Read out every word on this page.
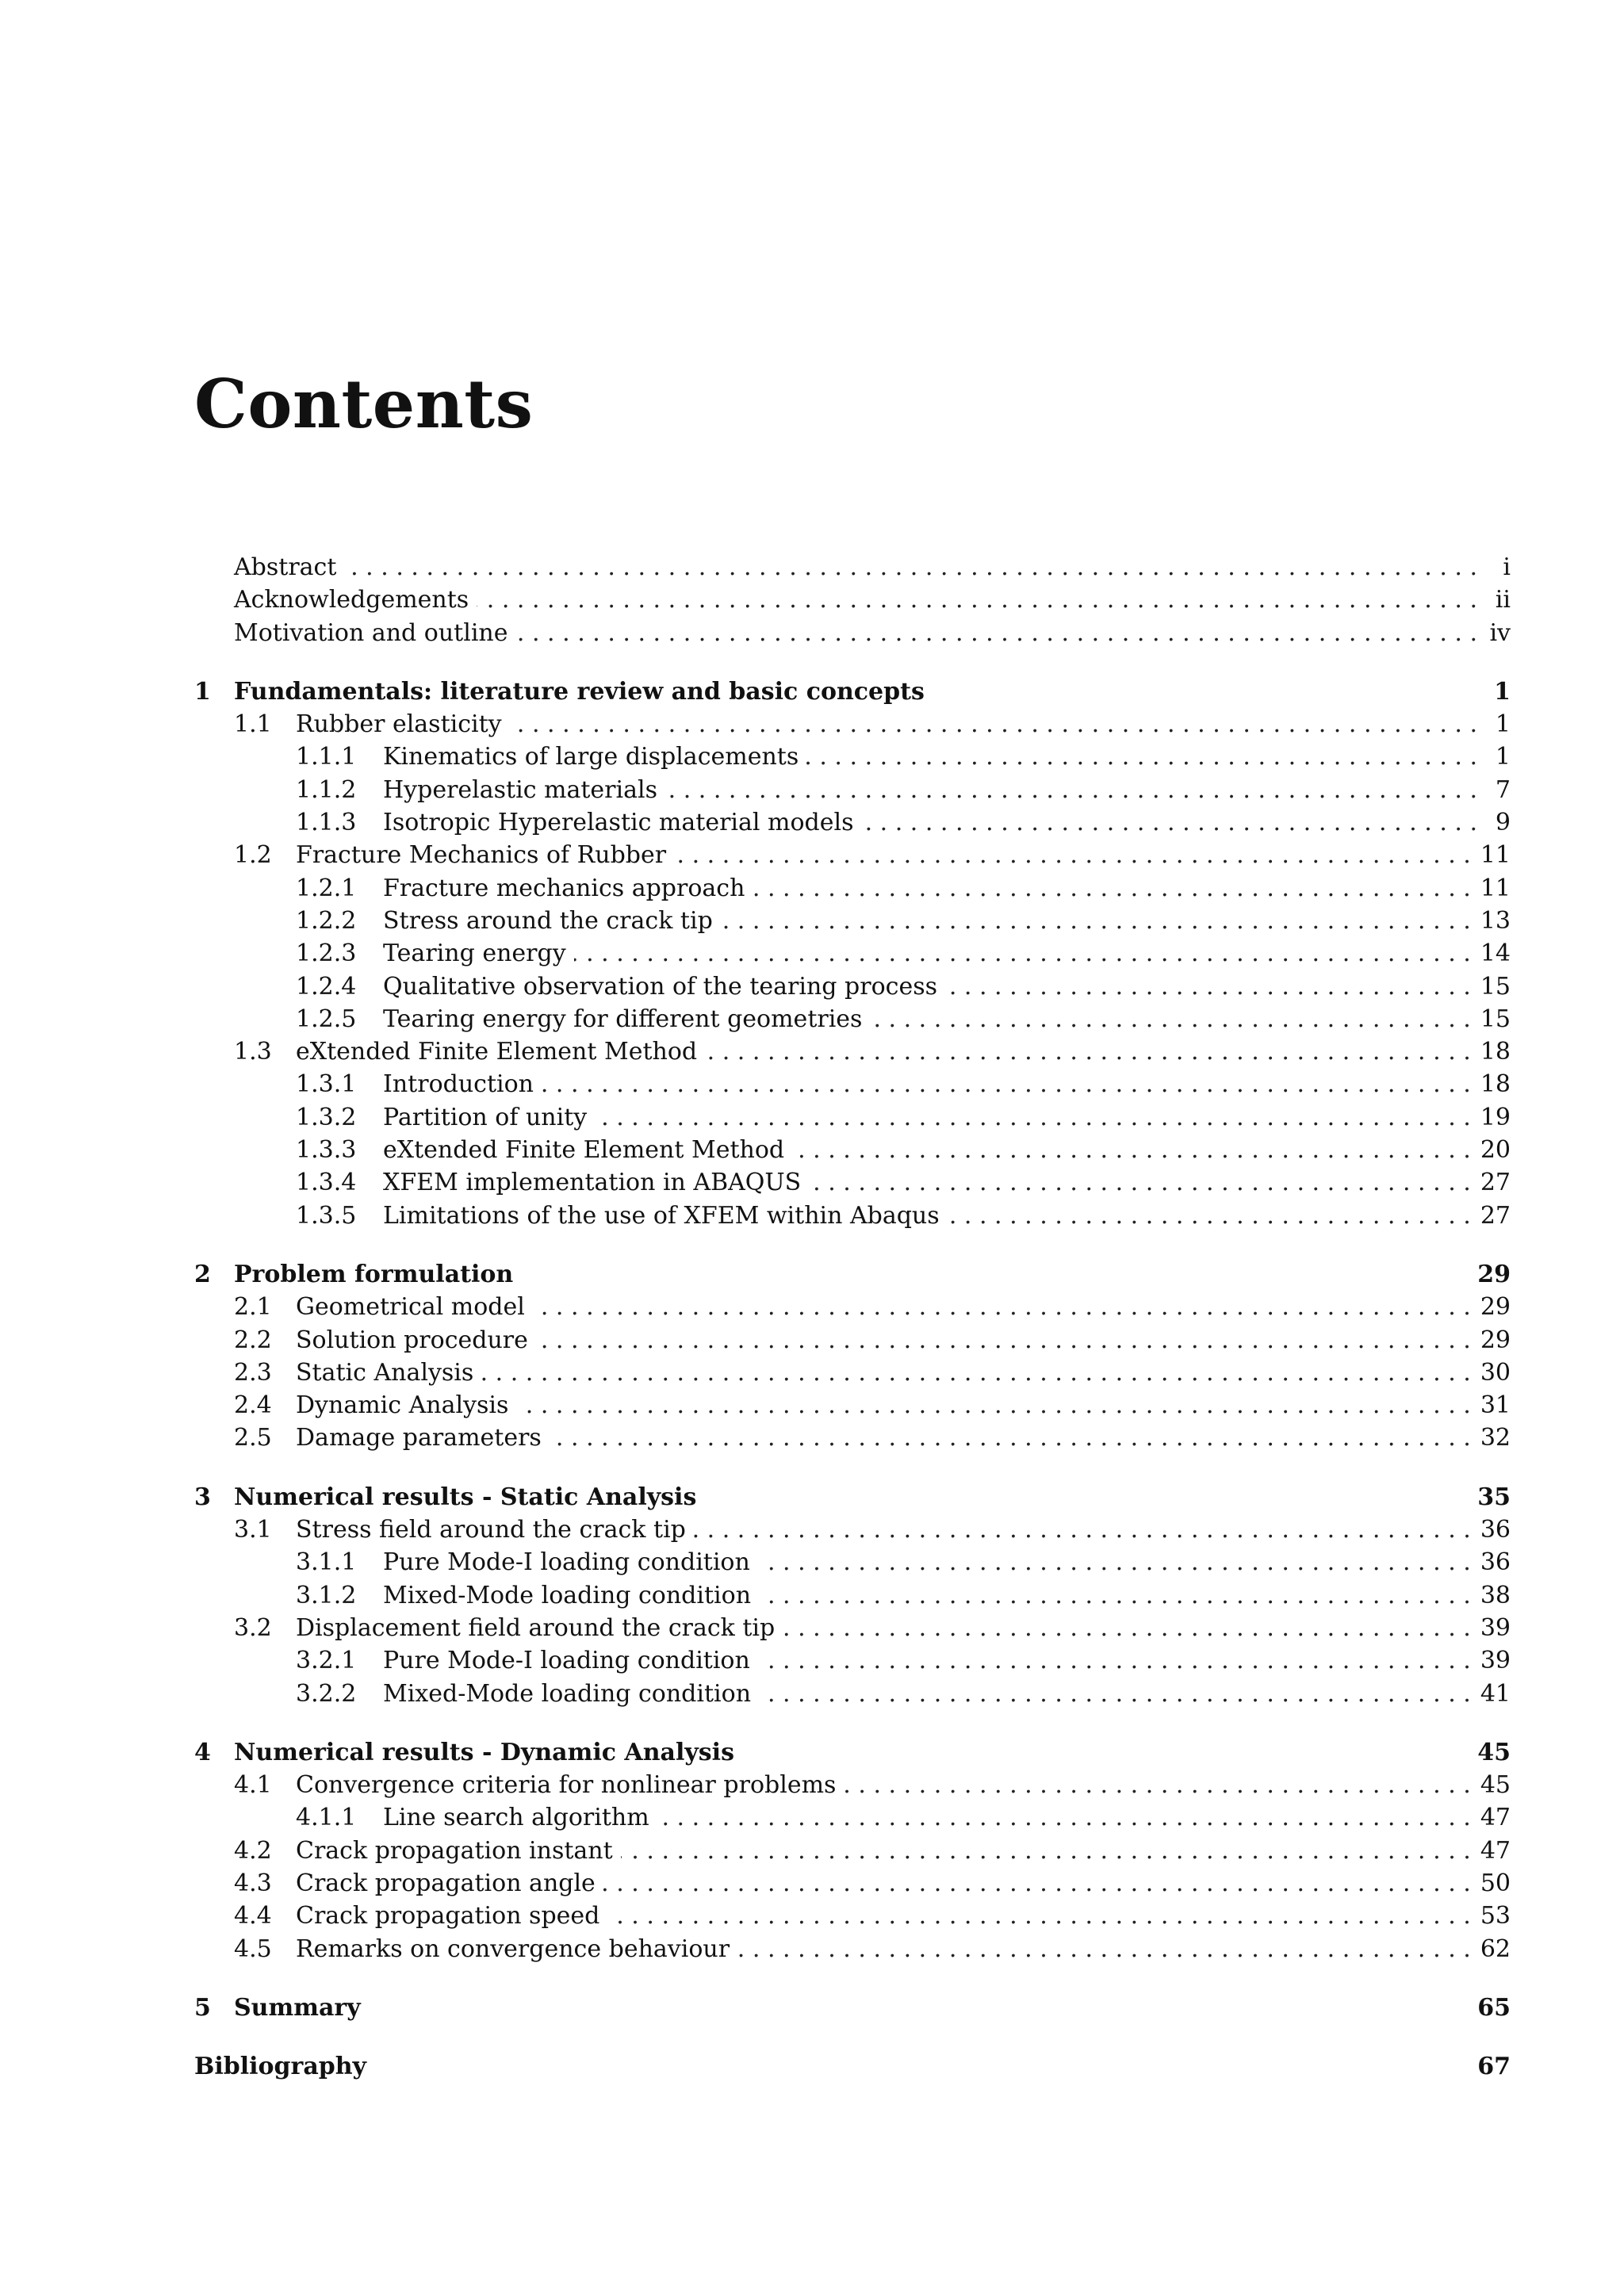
Contents
Abstract . . .	i
Acknowledgements . . .	ii
Motivation and outline . . .	iv
1 Fundamentals: literature review and basic concepts	1
1.1	Rubber elasticity . . .	1
1.1.1	Kinematics of large displacements . . .	1
1.1.2	Hyperelastic materials . . .	7
1.1.3	Isotropic Hyperelastic material models . . .	9
1.2	Fracture Mechanics of Rubber . . .	11
1.2.1	Fracture mechanics approach . . .	11
1.2.2	Stress around the crack tip . . .	13
1.2.3	Tearing energy . . .	14
1.2.4	Qualitative observation of the tearing process . . .	15
1.2.5	Tearing energy for different geometries . . .	15
1.3	eXtended Finite Element Method . . .	18
1.3.1	Introduction . . .	18
1.3.2	Partition of unity . . .	19
1.3.3	eXtended Finite Element Method . . .	20
1.3.4	XFEM implementation in ABAQUS . . .	27
1.3.5	Limitations of the use of XFEM within Abaqus . . .	27
2 Problem formulation	29
2.1	Geometrical model . . .	29
2.2	Solution procedure . . .	29
2.3	Static Analysis . . .	30
2.4	Dynamic Analysis . . .	31
2.5	Damage parameters . . .	32
3 Numerical results - Static Analysis	35
3.1	Stress field around the crack tip . . .	36
3.1.1	Pure Mode-I loading condition . . .	36
3.1.2	Mixed-Mode loading condition . . .	38
3.2	Displacement field around the crack tip . . .	39
3.2.1	Pure Mode-I loading condition . . .	39
3.2.2	Mixed-Mode loading condition . . .	41
4 Numerical results - Dynamic Analysis	45
4.1	Convergence criteria for nonlinear problems . . .	45
4.1.1	Line search algorithm . . .	47
4.2	Crack propagation instant . . .	47
4.3	Crack propagation angle . . .	50
4.4	Crack propagation speed . . .	53
4.5	Remarks on convergence behaviour . . .	62
5 Summary	65
Bibliography	67
